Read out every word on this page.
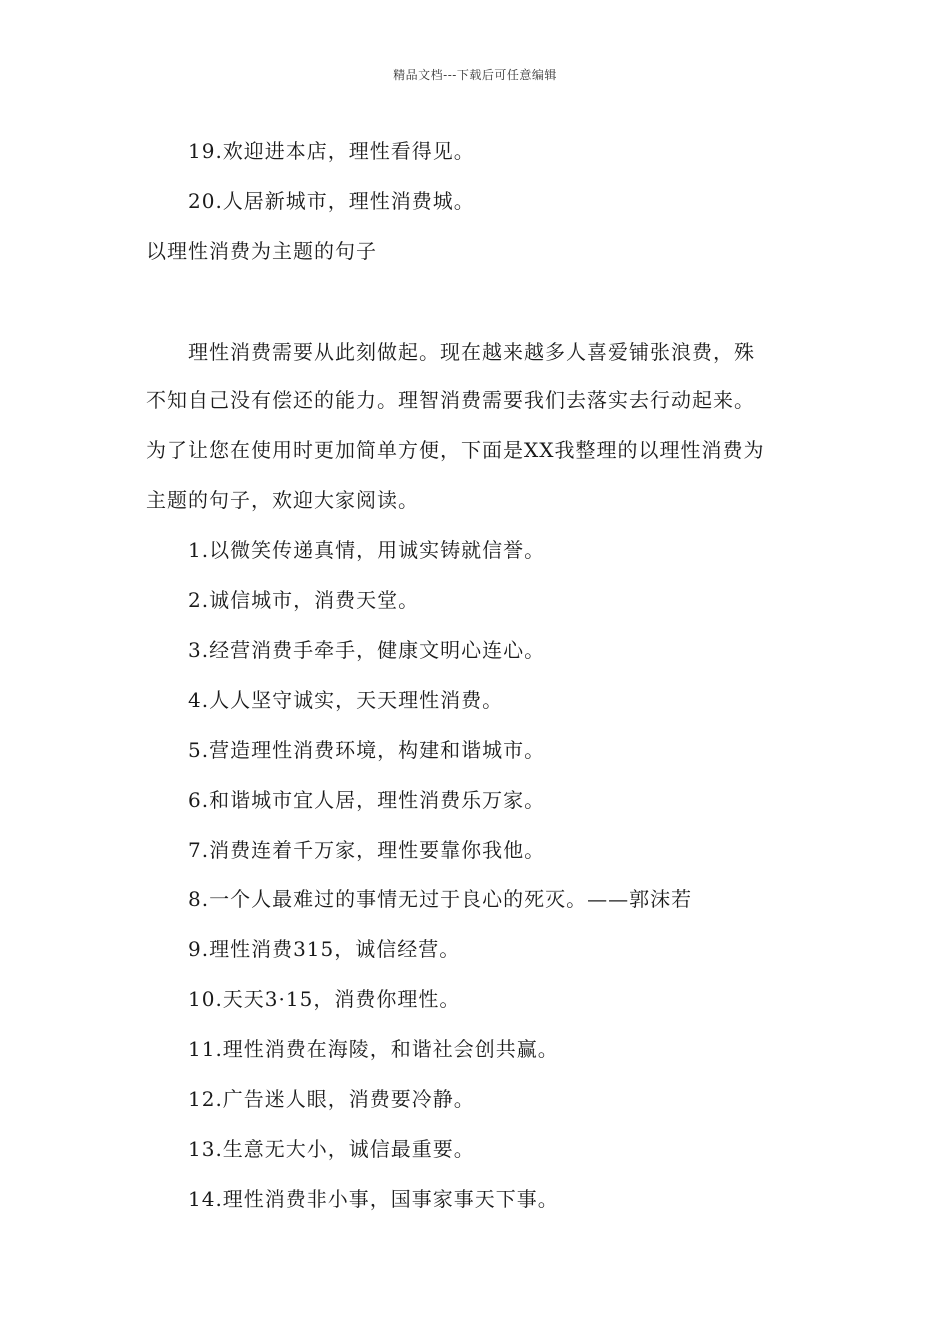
精品文档---下载后可任意编辑
19.欢迎进本店，理性看得见。
20.人居新城市，理性消费城。
以理性消费为主题的句子
理性消费需要从此刻做起。现在越来越多人喜爱铺张浪费，殊
不知自己没有偿还的能力。理智消费需要我们去落实去行动起来。
为了让您在使用时更加简单方便，下面是XX我整理的以理性消费为
主题的句子，欢迎大家阅读。
1.以微笑传递真情，用诚实铸就信誉。
2.诚信城市，消费天堂。
3.经营消费手牵手，健康文明心连心。
4.人人坚守诚实，天天理性消费。
5.营造理性消费环境，构建和谐城市。
6.和谐城市宜人居，理性消费乐万家。
7.消费连着千万家，理性要靠你我他。
8.一个人最难过的事情无过于良心的死灭。——郭沫若
9.理性消费315，诚信经营。
10.天天3·15，消费你理性。
11.理性消费在海陵，和谐社会创共赢。
12.广告迷人眼，消费要冷静。
13.生意无大小，诚信最重要。
14.理性消费非小事，国事家事天下事。
